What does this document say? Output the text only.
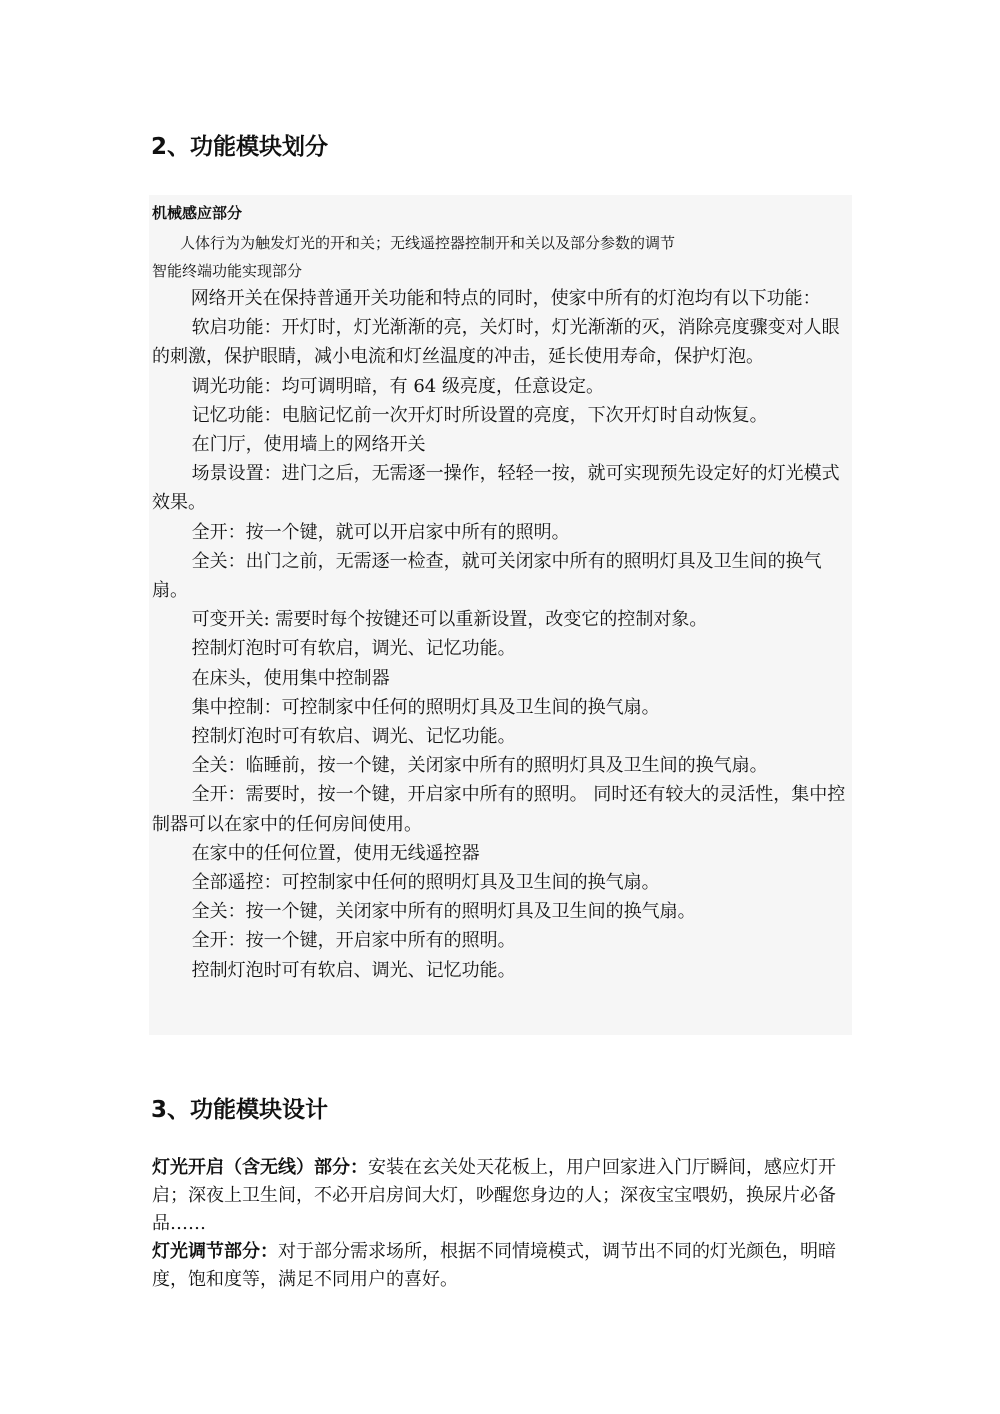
2、功能模块划分
机械感应部分
人体行为为触发灯光的开和关；无线遥控器控制开和关以及部分参数的调节
智能终端功能实现部分

网络开关在保持普通开关功能和特点的同时，使家中所有的灯泡均有以下功能：

软启功能：开灯时，灯光渐渐的亮，关灯时，灯光渐渐的灭，消除亮度骤变对人眼的刺激，保护眼睛，减小电流和灯丝温度的冲击，延长使用寿命，保护灯泡。

调光功能：均可调明暗，有 64 级亮度，任意设定。

记忆功能：电脑记忆前一次开灯时所设置的亮度，下次开灯时自动恢复。

在门厅，使用墙上的网络开关

场景设置：进门之后，无需逐一操作，轻轻一按，就可实现预先设定好的灯光模式效果。

全开：按一个键，就可以开启家中所有的照明。

全关：出门之前，无需逐一检查，就可关闭家中所有的照明灯具及卫生间的换气扇。

可变开关: 需要时每个按键还可以重新设置，改变它的控制对象。

控制灯泡时可有软启，调光、记忆功能。

在床头，使用集中控制器

集中控制：可控制家中任何的照明灯具及卫生间的换气扇。

控制灯泡时可有软启、调光、记忆功能。

全关：临睡前，按一个键，关闭家中所有的照明灯具及卫生间的换气扇。

全开：需要时，按一个键，开启家中所有的照明。 同时还有较大的灵活性，集中控制器可以在家中的任何房间使用。

在家中的任何位置，使用无线遥控器

全部遥控：可控制家中任何的照明灯具及卫生间的换气扇。

全关：按一个键，关闭家中所有的照明灯具及卫生间的换气扇。

全开：按一个键，开启家中所有的照明。

控制灯泡时可有软启、调光、记忆功能。

3、功能模块设计

灯光开启（含无线）部分：安装在玄关处天花板上，用户回家进入门厅瞬间，感应灯开启；深夜上卫生间，不必开启房间大灯，吵醒您身边的人；深夜宝宝喂奶，换尿片必备品……

灯光调节部分：对于部分需求场所，根据不同情境模式，调节出不同的灯光颜色，明暗度，饱和度等，满足不同用户的喜好。
